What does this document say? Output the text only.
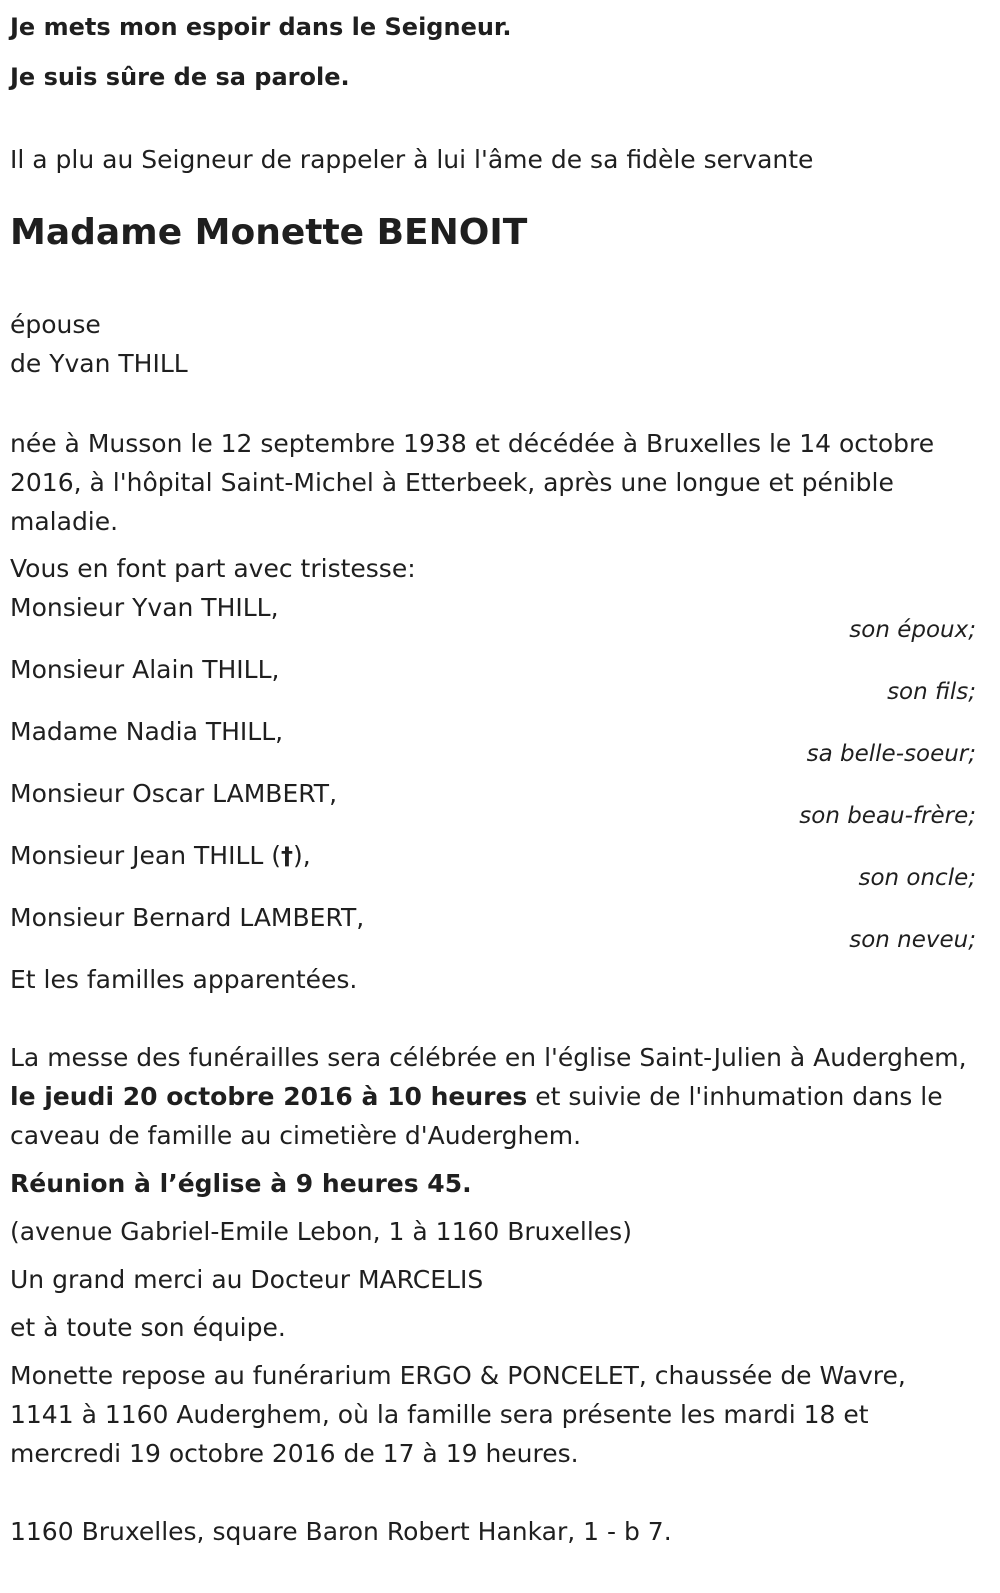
Je mets mon espoir dans le Seigneur.
Je suis sûre de sa parole.
Il a plu au Seigneur de rappeler à lui l'âme de sa fidèle servante
Madame Monette BENOIT
épouse
de Yvan THILL
née à Musson le 12 septembre 1938 et décédée à Bruxelles le 14 octobre 2016, à l'hôpital Saint-Michel à Etterbeek, après une longue et pénible maladie.
Vous en font part avec tristesse:
Monsieur Yvan THILL,
son époux;
Monsieur Alain THILL,
son fils;
Madame Nadia THILL,
sa belle-soeur;
Monsieur Oscar LAMBERT,
son beau-frère;
Monsieur Jean THILL (†),
son oncle;
Monsieur Bernard LAMBERT,
son neveu;
Et les familles apparentées.
La messe des funérailles sera célébrée en l'église Saint-Julien à Auderghem, le jeudi 20 octobre 2016 à 10 heures et suivie de l'inhumation dans le caveau de famille au cimetière d'Auderghem.
Réunion à l’église à 9 heures 45.
(avenue Gabriel-Emile Lebon, 1 à 1160 Bruxelles)
Un grand merci au Docteur MARCELIS
et à toute son équipe.
Monette repose au funérarium ERGO & PONCELET, chaussée de Wavre, 1141 à 1160 Auderghem, où la famille sera présente les mardi 18 et mercredi 19 octobre 2016 de 17 à 19 heures.
1160 Bruxelles, square Baron Robert Hankar, 1 - b 7.
